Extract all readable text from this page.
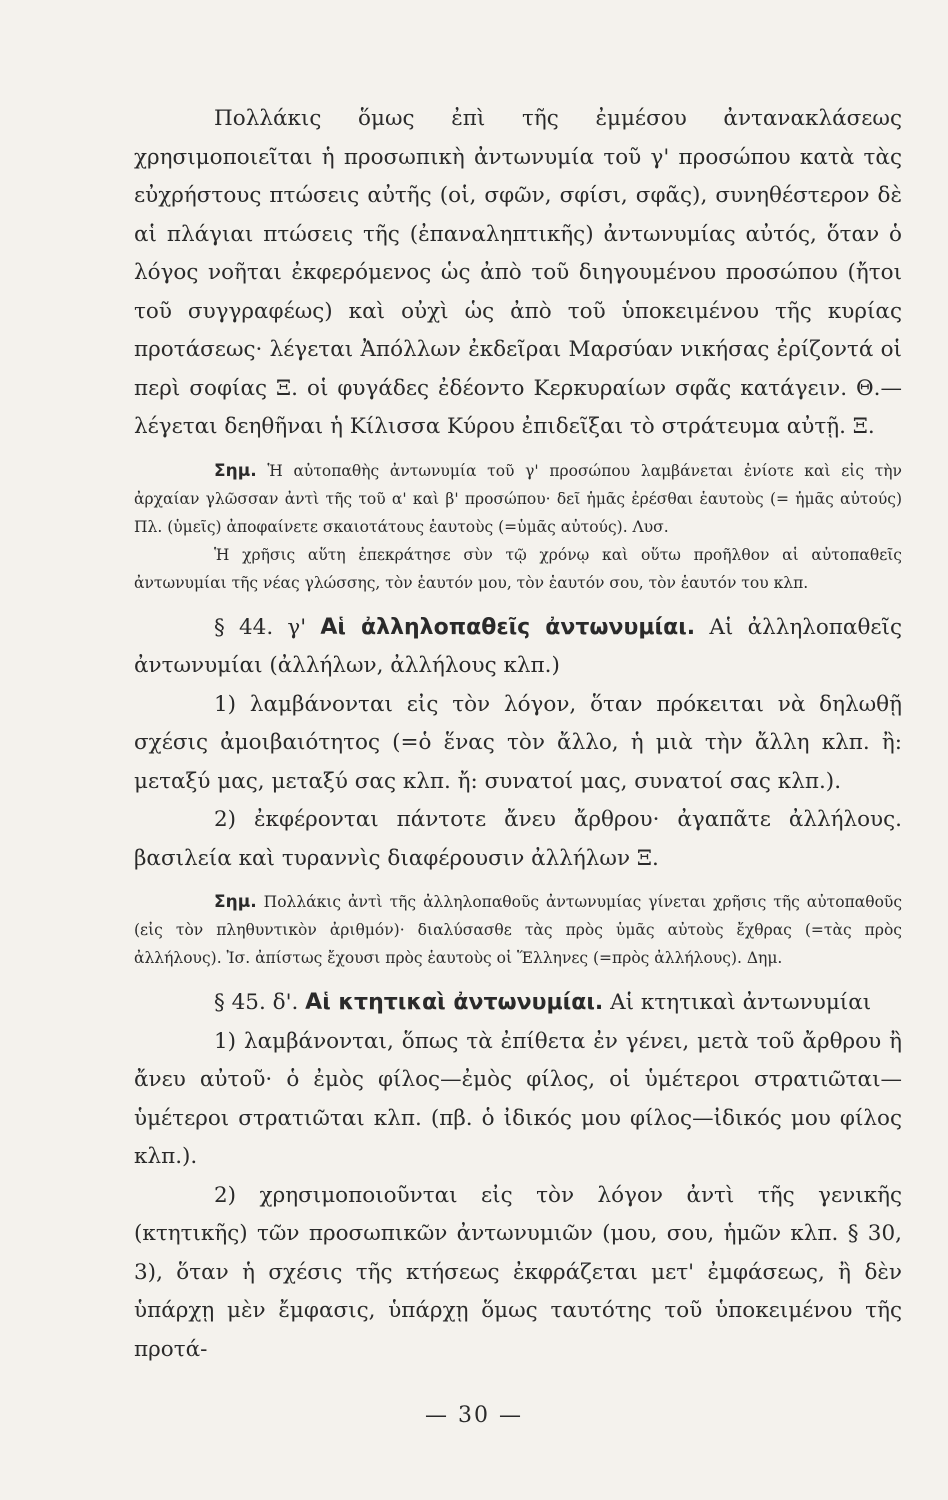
Πολλάκις ὅμως ἐπὶ τῆς ἐμμέσου ἀντανακλάσεως χρησιμοποιεῖται ἡ προσωπικὴ ἀντωνυμία τοῦ γ' προσώπου κατὰ τὰς εὐχρήστους πτώσεις αὐτῆς (οἱ, σφῶν, σφίσι, σφᾶς), συνηθέστερον δὲ αἱ πλάγιαι πτώσεις τῆς (ἐπαναληπτικῆς) ἀντωνυμίας αὐτός, ὅταν ὁ λόγος νοῆται ἐκφερόμενος ὡς ἀπὸ τοῦ διηγουμένου προσώπου (ἤτοι τοῦ συγγραφέως) καὶ οὐχὶ ὡς ἀπὸ τοῦ ὑποκειμένου τῆς κυρίας προτάσεως· λέγεται Ἀπόλλων ἐκδεῖραι Μαρσύαν νικήσας ἐρίζοντά οἱ περὶ σοφίας Ξ. οἱ φυγάδες ἐδέοντο Κερκυραίων σφᾶς κατάγειν. Θ.—λέγεται δεηθῆναι ἡ Κίλισσα Κύρου ἐπιδεῖξαι τὸ στράτευμα αὐτῇ. Ξ.

Σημ. Ἡ αὐτοπαθὴς ἀντωνυμία τοῦ γ' προσώπου λαμβάνεται ἐνίοτε καὶ εἰς τὴν ἀρχαίαν γλῶσσαν ἀντὶ τῆς τοῦ α' καὶ β' προσώπου· δεῖ ἡμᾶς ἐρέσθαι ἑαυτοὺς (= ἡμᾶς αὐτούς) Πλ. (ὑμεῖς) ἀποφαίνετε σκαιοτάτους ἑαυτοὺς (=ὑμᾶς αὐτούς). Λυσ.

Ἡ χρῆσις αὕτη ἐπεκράτησε σὺν τῷ χρόνῳ καὶ οὕτω προῆλθον αἱ αὐτοπαθεῖς ἀντωνυμίαι τῆς νέας γλώσσης, τὸν ἑαυτόν μου, τὸν ἑαυτόν σου, τὸν ἑαυτόν του κλπ.

§ 44. γ' Αἱ ἀλληλοπαθεῖς ἀντωνυμίαι. Αἱ ἀλληλοπαθεῖς ἀντωνυμίαι (ἀλλήλων, ἀλλήλους κλπ.)

1) λαμβάνονται εἰς τὸν λόγον, ὅταν πρόκειται νὰ δηλωθῇ σχέσις ἀμοιβαιότητος (=ὁ ἕνας τὸν ἄλλο, ἡ μιὰ τὴν ἄλλη κλπ. ἢ: μεταξύ μας, μεταξύ σας κλπ. ἤ: συνατοί μας, συνατοί σας κλπ.).

2) ἐκφέρονται πάντοτε ἄνευ ἄρθρου· ἀγαπᾶτε ἀλλήλους. βασιλεία καὶ τυραννὶς διαφέρουσιν ἀλλήλων Ξ.

Σημ. Πολλάκις ἀντὶ τῆς ἀλληλοπαθοῦς ἀντωνυμίας γίνεται χρῆσις τῆς αὐτοπαθοῦς (εἰς τὸν πληθυντικὸν ἀριθμόν)· διαλύσασθε τὰς πρὸς ὑμᾶς αὐτοὺς ἔχθρας (=τὰς πρὸς ἀλλήλους). Ἰσ. ἀπίστως ἔχουσι πρὸς ἑαυτοὺς οἱ Ἕλληνες (=πρὸς ἀλλήλους). Δημ.

§ 45. δ'. Αἱ κτητικαὶ ἀντωνυμίαι. Αἱ κτητικαὶ ἀντωνυμίαι

1) λαμβάνονται, ὅπως τὰ ἐπίθετα ἐν γένει, μετὰ τοῦ ἄρθρου ἢ ἄνευ αὐτοῦ· ὁ ἐμὸς φίλος—ἐμὸς φίλος, οἱ ὑμέτεροι στρατιῶται—ὑμέτεροι στρατιῶται κλπ. (πβ. ὁ ἰδικός μου φίλος—ἰδικός μου φίλος κλπ.).

2) χρησιμοποιοῦνται εἰς τὸν λόγον ἀντὶ τῆς γενικῆς (κτητικῆς) τῶν προσωπικῶν ἀντωνυμιῶν (μου, σου, ἡμῶν κλπ. § 30, 3), ὅταν ἡ σχέσις τῆς κτήσεως ἐκφράζεται μετ' ἐμφάσεως, ἢ δὲν ὑπάρχῃ μὲν ἔμφασις, ὑπάρχῃ ὅμως ταυτότης τοῦ ὑποκειμένου τῆς προτά-

— 30 —
